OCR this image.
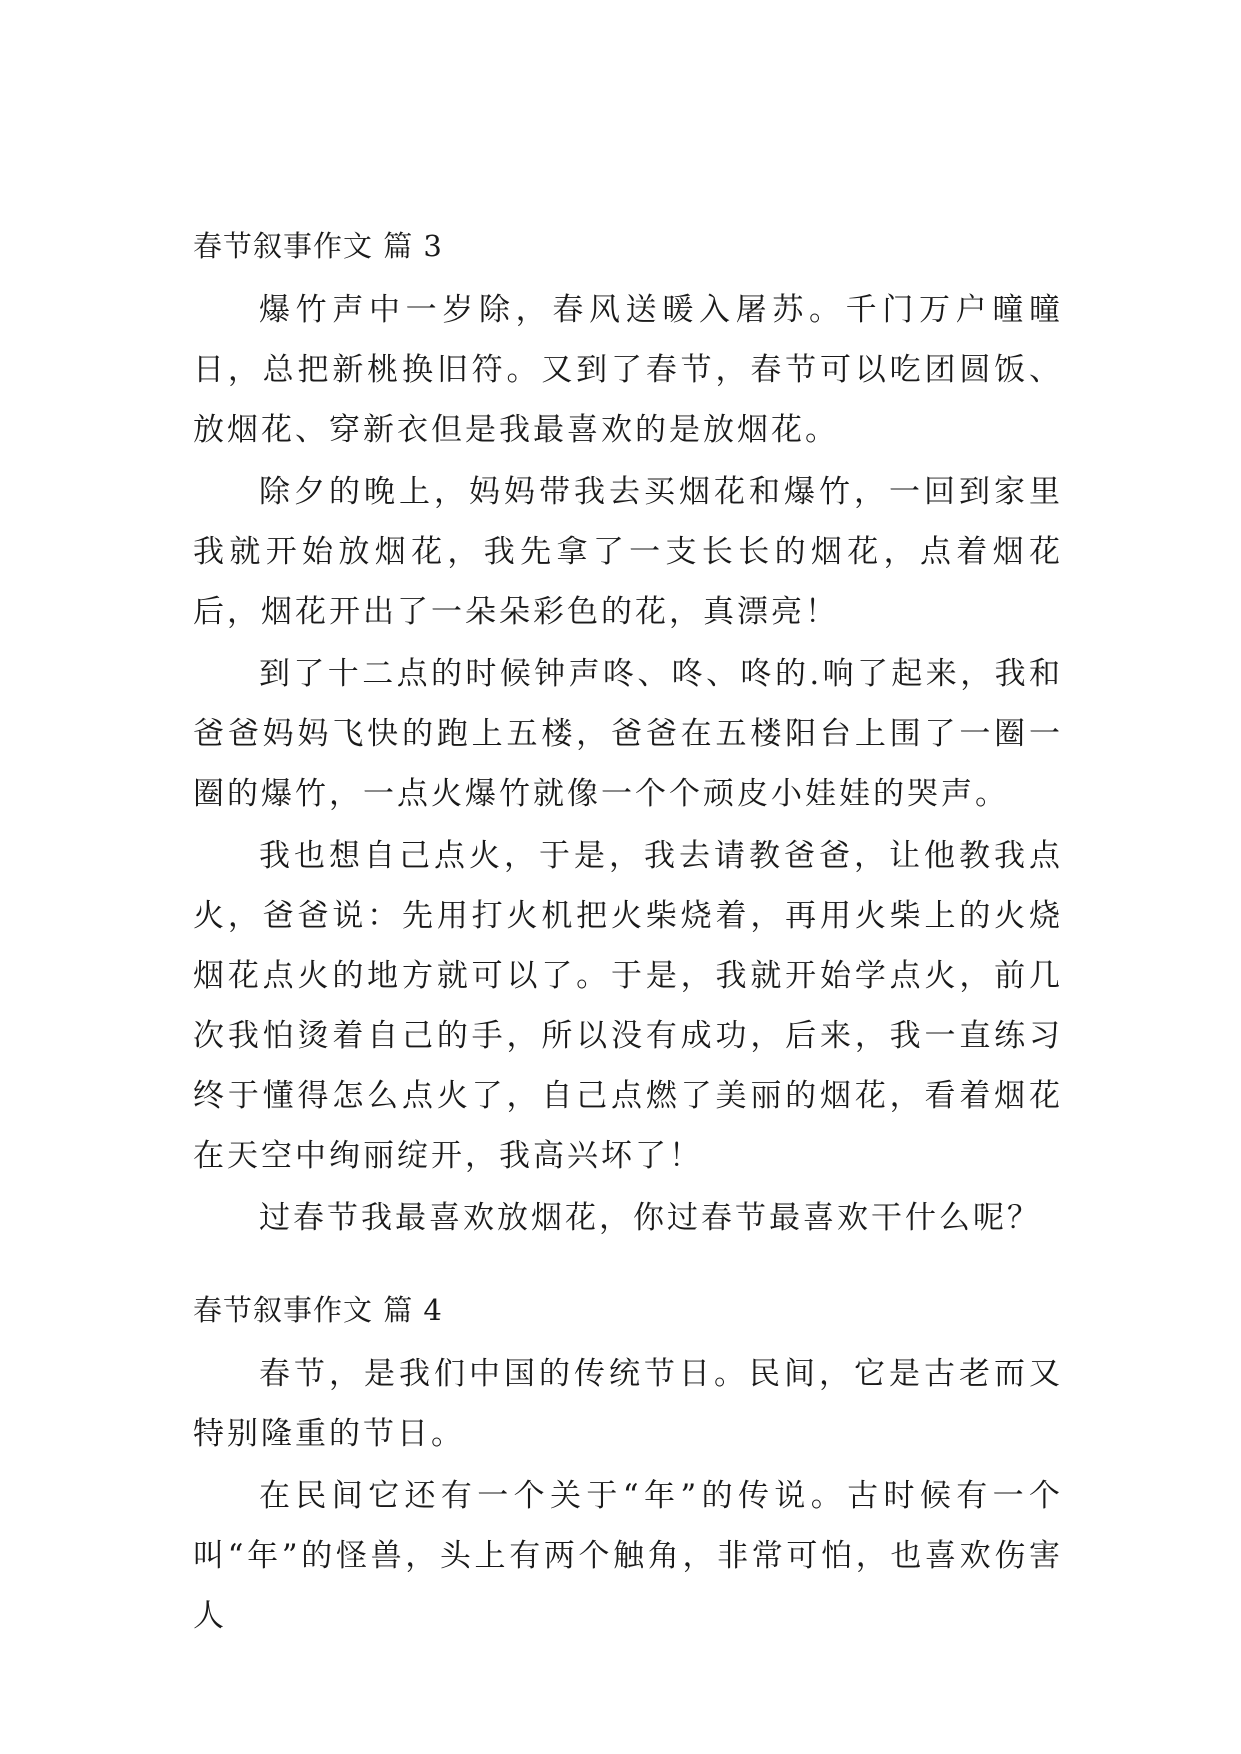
春节叙事作文 篇 3

爆竹声中一岁除，春风送暖入屠苏。千门万户曈曈日，总把新桃换旧符。又到了春节，春节可以吃团圆饭、放烟花、穿新衣但是我最喜欢的是放烟花。

除夕的晚上，妈妈带我去买烟花和爆竹，一回到家里我就开始放烟花，我先拿了一支长长的烟花，点着烟花后，烟花开出了一朵朵彩色的花，真漂亮！

到了十二点的时候钟声咚、咚、咚的.响了起来，我和爸爸妈妈飞快的跑上五楼，爸爸在五楼阳台上围了一圈一圈的爆竹，一点火爆竹就像一个个顽皮小娃娃的哭声。

我也想自己点火，于是，我去请教爸爸，让他教我点火，爸爸说：先用打火机把火柴烧着，再用火柴上的火烧烟花点火的地方就可以了。于是，我就开始学点火，前几次我怕烫着自己的手，所以没有成功，后来，我一直练习终于懂得怎么点火了，自己点燃了美丽的烟花，看着烟花在天空中绚丽绽开，我高兴坏了！

过春节我最喜欢放烟花，你过春节最喜欢干什么呢？

春节叙事作文 篇 4

春节，是我们中国的传统节日。民间，它是古老而又特别隆重的节日。

在民间它还有一个关于“年”的传说。古时候有一个叫“年”的怪兽，头上有两个触角，非常可怕，也喜欢伤害人
